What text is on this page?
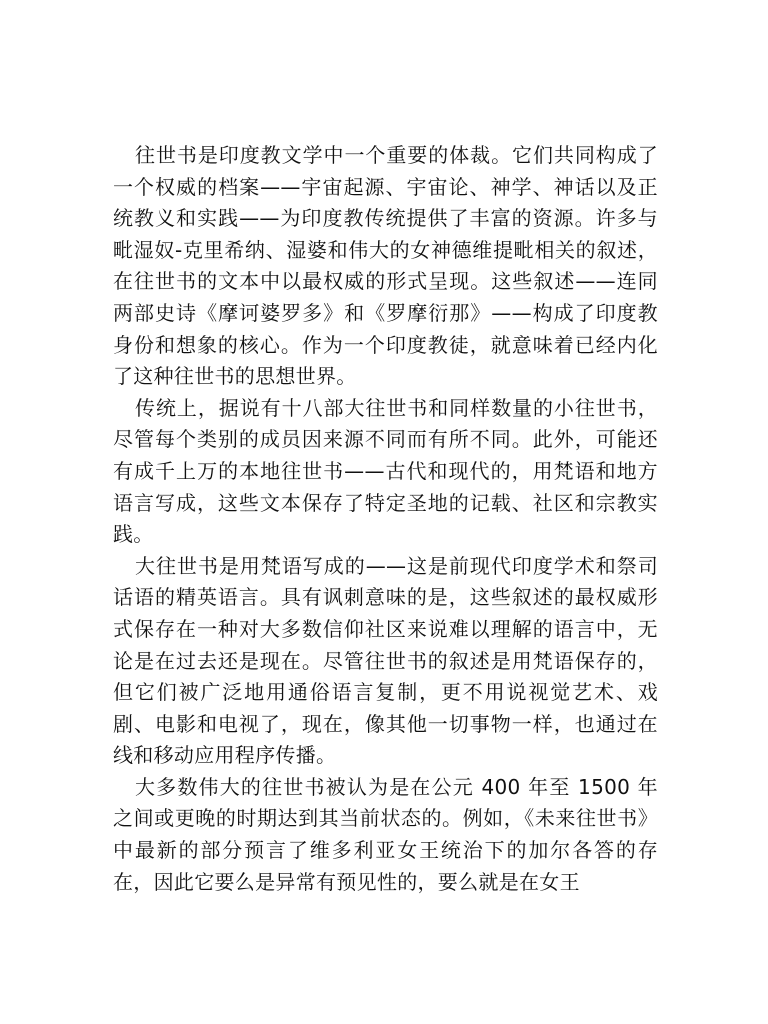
往世书是印度教文学中一个重要的体裁。它们共同构成了一个权威的档案——宇宙起源、宇宙论、神学、神话以及正统教义和实践——为印度教传统提供了丰富的资源。许多与毗湿奴-克里希纳、湿婆和伟大的女神德维提毗相关的叙述，在往世书的文本中以最权威的形式呈现。这些叙述——连同两部史诗《摩诃婆罗多》和《罗摩衍那》——构成了印度教身份和想象的核心。作为一个印度教徒，就意味着已经内化了这种往世书的思想世界。

传统上，据说有十八部大往世书和同样数量的小往世书，尽管每个类别的成员因来源不同而有所不同。此外，可能还有成千上万的本地往世书——古代和现代的，用梵语和地方语言写成，这些文本保存了特定圣地的记载、社区和宗教实践。

大往世书是用梵语写成的——这是前现代印度学术和祭司话语的精英语言。具有讽刺意味的是，这些叙述的最权威形式保存在一种对大多数信仰社区来说难以理解的语言中，无论是在过去还是现在。尽管往世书的叙述是用梵语保存的，但它们被广泛地用通俗语言复制，更不用说视觉艺术、戏剧、电影和电视了，现在，像其他一切事物一样，也通过在线和移动应用程序传播。

大多数伟大的往世书被认为是在公元 400 年至 1500 年之间或更晚的时期达到其当前状态的。例如，《未来往世书》中最新的部分预言了维多利亚女王统治下的加尔各答的存在，因此它要么是异常有预见性的，要么就是在女王
